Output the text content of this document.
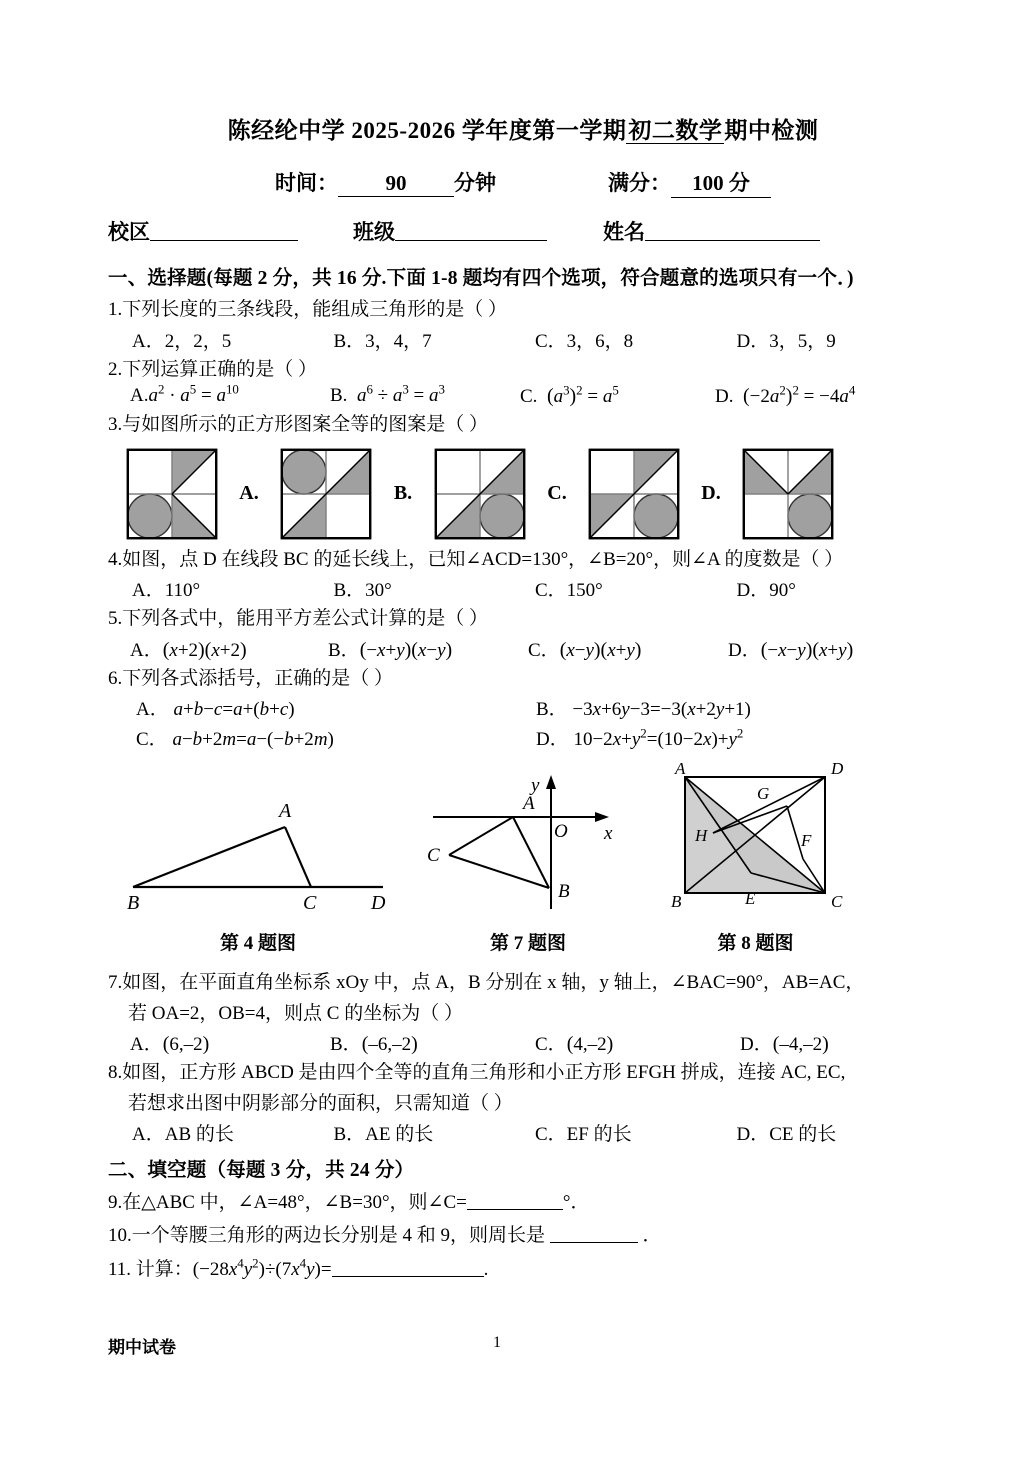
陈经纶中学 2025-2026 学年度第一学期初二数学期中检测
时间： 90 分钟	满分： 100 分
校区	班级	姓名
一、选择题(每题 2 分，共 16 分.下面 1-8 题均有四个选项，符合题意的选项只有一个．)
1.下列长度的三条线段，能组成三角形的是（ ）
A．2，2，5	B．3，4，7	C．3，6，8	D．3，5，9
2.下列运算正确的是（ ）
$A.a^2 \cdot a^5 = a^{10}$	B.  $a^6 \div a^3 = a^3$	C.  $(a^3)^2 = a^5$	D.  $(-2a^2)^2 = -4a^4$
3.与如图所示的正方形图案全等的图案是（ ）
A.	B.	C.	D.
4.如图，点 D 在线段 BC 的延长线上，已知∠ACD=130°，∠B=20°，则∠A 的度数是（ ）
A．110°	B．30°	C．150°	D．90°
5.下列各式中，能用平方差公式计算的是（ ）
A．(x+2)(x+2)	B．(−x+y)(x−y)	C．(x−y)(x+y)	D．(−x−y)(x+y)
6.下列各式添括号，正确的是（ ）
A． a+b−c=a+(b+c)	B． −3x+6y−3=−3(x+2y+1)
C． a−b+2m=a−(−b+2m)	D． $10-2x+y^2=(10-2x)+y^2$
A
B	C	D
第 4 题图
A
B
C
O
y
x
第 7 题图
A	D
B	C
E
F
G
H
第 8 题图
7.如图，在平面直角坐标系 xOy 中，点 A，B 分别在 x 轴，y 轴上，∠BAC=90°，AB=AC，
若 OA=2，OB=4，则点 C 的坐标为（ ）
A．(6,–2)	B．(–6,–2)	C．(4,–2)	D．(–4,–2)
8.如图，正方形 ABCD 是由四个全等的直角三角形和小正方形 EFGH 拼成，连接 AC, EC,
若想求出图中阴影部分的面积，只需知道（ ）
A．AB 的长	B．AE 的长	C．EF 的长	D．CE 的长
二、填空题（每题 3 分，共 24 分）
9.在△ABC 中，∠A=48°，∠B=30°，则∠C=	°．
10.一个等腰三角形的两边长分别是 4 和 9，则周长是	．
11. 计算：$(-28x^4y^2)\div(7x^4y)=$	.
期中试卷	1
